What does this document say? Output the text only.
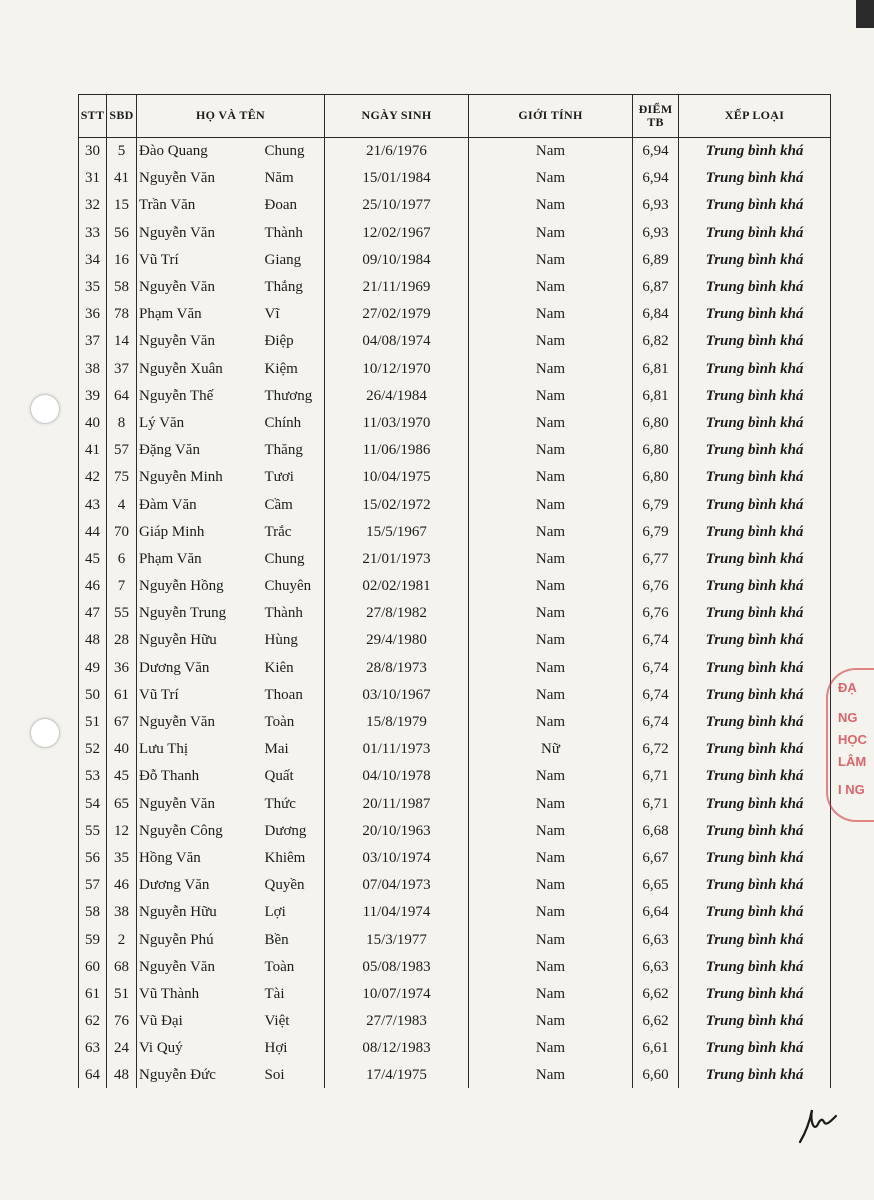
STT	SBD	HỌ VÀ TÊN		NGÀY SINH	GIỚI TÍNH	ĐIỂM TB	XẾP LOẠI
30	5	Đào Quang	Chung	21/6/1976	Nam	6,94	Trung bình khá
31	41	Nguyễn Văn	Năm	15/01/1984	Nam	6,94	Trung bình khá
32	15	Trần Văn	Đoan	25/10/1977	Nam	6,93	Trung bình khá
33	56	Nguyễn Văn	Thành	12/02/1967	Nam	6,93	Trung bình khá
34	16	Vũ Trí	Giang	09/10/1984	Nam	6,89	Trung bình khá
35	58	Nguyễn Văn	Thắng	21/11/1969	Nam	6,87	Trung bình khá
36	78	Phạm Văn	Vĩ	27/02/1979	Nam	6,84	Trung bình khá
37	14	Nguyễn Văn	Điệp	04/08/1974	Nam	6,82	Trung bình khá
38	37	Nguyễn Xuân	Kiệm	10/12/1970	Nam	6,81	Trung bình khá
39	64	Nguyễn Thế	Thương	26/4/1984	Nam	6,81	Trung bình khá
40	8	Lý Văn	Chính	11/03/1970	Nam	6,80	Trung bình khá
41	57	Đặng Văn	Thăng	11/06/1986	Nam	6,80	Trung bình khá
42	75	Nguyễn Minh	Tươi	10/04/1975	Nam	6,80	Trung bình khá
43	4	Đàm Văn	Cầm	15/02/1972	Nam	6,79	Trung bình khá
44	70	Giáp Minh	Trắc	15/5/1967	Nam	6,79	Trung bình khá
45	6	Phạm Văn	Chung	21/01/1973	Nam	6,77	Trung bình khá
46	7	Nguyễn Hồng	Chuyên	02/02/1981	Nam	6,76	Trung bình khá
47	55	Nguyễn Trung	Thành	27/8/1982	Nam	6,76	Trung bình khá
48	28	Nguyễn Hữu	Hùng	29/4/1980	Nam	6,74	Trung bình khá
49	36	Dương Văn	Kiên	28/8/1973	Nam	6,74	Trung bình khá
50	61	Vũ Trí	Thoan	03/10/1967	Nam	6,74	Trung bình khá
51	67	Nguyễn Văn	Toàn	15/8/1979	Nam	6,74	Trung bình khá
52	40	Lưu Thị	Mai	01/11/1973	Nữ	6,72	Trung bình khá
53	45	Đỗ Thanh	Quất	04/10/1978	Nam	6,71	Trung bình khá
54	65	Nguyễn Văn	Thức	20/11/1987	Nam	6,71	Trung bình khá
55	12	Nguyễn Công	Dương	20/10/1963	Nam	6,68	Trung bình khá
56	35	Hồng Văn	Khiêm	03/10/1974	Nam	6,67	Trung bình khá
57	46	Dương Văn	Quyền	07/04/1973	Nam	6,65	Trung bình khá
58	38	Nguyễn Hữu	Lợi	11/04/1974	Nam	6,64	Trung bình khá
59	2	Nguyễn Phú	Bền	15/3/1977	Nam	6,63	Trung bình khá
60	68	Nguyễn Văn	Toàn	05/08/1983	Nam	6,63	Trung bình khá
61	51	Vũ Thành	Tài	10/07/1974	Nam	6,62	Trung bình khá
62	76	Vũ Đại	Việt	27/7/1983	Nam	6,62	Trung bình khá
63	24	Vi Quý	Hợi	08/12/1983	Nam	6,61	Trung bình khá
64	48	Nguyễn Đức	Soi	17/4/1975	Nam	6,60	Trung bình khá
ĐẠ
NG
HỌC
LÂM
I NG
